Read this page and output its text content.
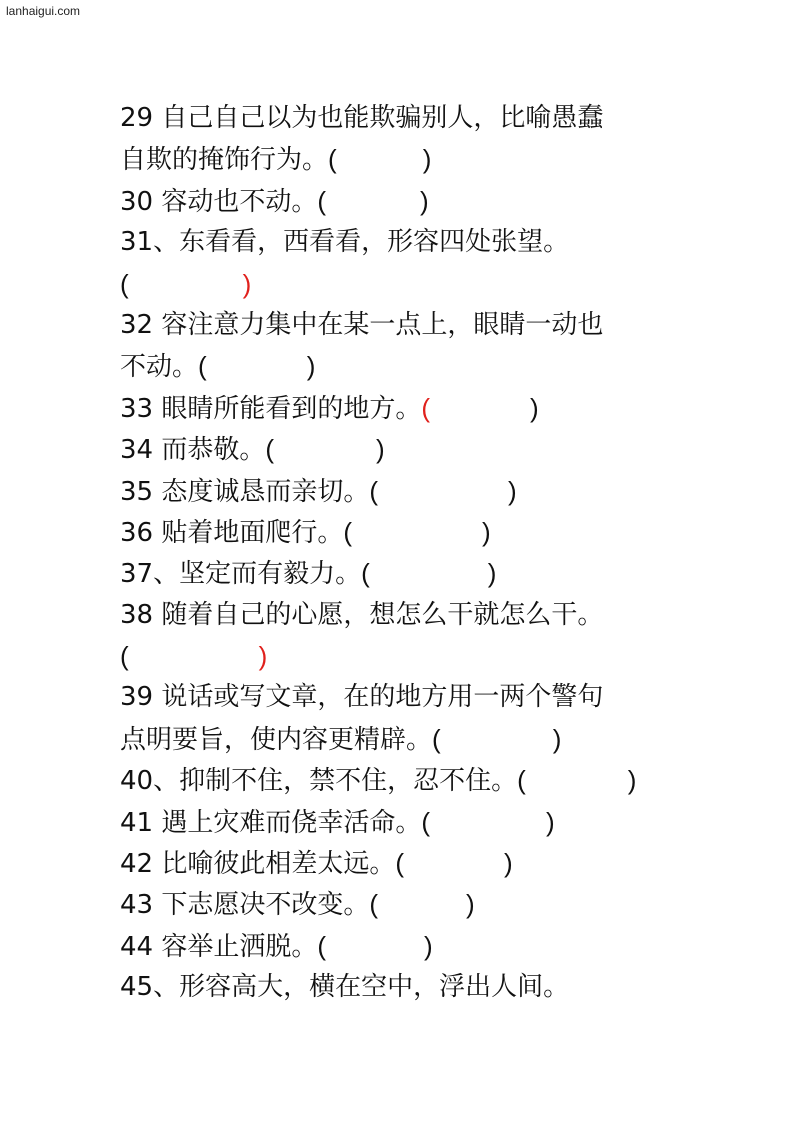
lanhaigui.com
29 自己自己以为也能欺骗别人，比喻愚蠢
自欺的掩饰行为。(	)
30 容动也不动。(	)
31、东看看，西看看，形容四处张望。
(	)
32 容注意力集中在某一点上，眼睛一动也
不动。(	)
33 眼睛所能看到的地方。(	)
34 而恭敬。(	)
35 态度诚恳而亲切。(	)
36 贴着地面爬行。(	)
37、坚定而有毅力。(	)
38 随着自己的心愿，想怎么干就怎么干。
(	)
39 说话或写文章，在的地方用一两个警句
点明要旨，使内容更精辟。(	)
40、抑制不住，禁不住，忍不住。(	)
41 遇上灾难而侥幸活命。(	)
42 比喻彼此相差太远。(	)
43 下志愿决不改变。(	)
44 容举止洒脱。(	)
45、形容高大，横在空中，浮出人间。
